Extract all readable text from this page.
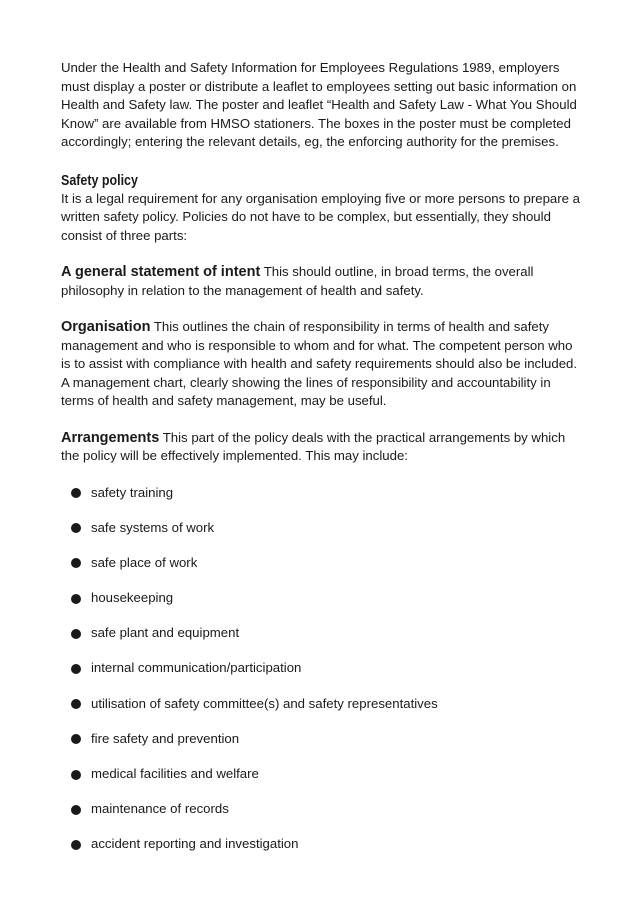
Under the Health and Safety Information for Employees Regulations 1989, employers must display a poster or distribute a leaflet to employees setting out basic information on Health and Safety law. The poster and leaflet “Health and Safety Law - What You Should Know” are available from HMSO stationers. The boxes in the poster must be completed accordingly; entering the relevant details, eg, the enforcing authority for the premises.

Safety policy

It is a legal requirement for any organisation employing five or more persons to prepare a written safety policy. Policies do not have to be complex, but essentially, they should consist of three parts:

A general statement of intent This should outline, in broad terms, the overall philosophy in relation to the management of health and safety.

Organisation This outlines the chain of responsibility in terms of health and safety management and who is responsible to whom and for what. The competent person who is to assist with compliance with health and safety requirements should also be included. A management chart, clearly showing the lines of responsibility and accountability in terms of health and safety management, may be useful.

Arrangements This part of the policy deals with the practical arrangements by which the policy will be effectively implemented. This may include:

safety training
safe systems of work
safe place of work
housekeeping
safe plant and equipment
internal communication/participation
utilisation of safety committee(s) and safety representatives
fire safety and prevention
medical facilities and welfare
maintenance of records
accident reporting and investigation
